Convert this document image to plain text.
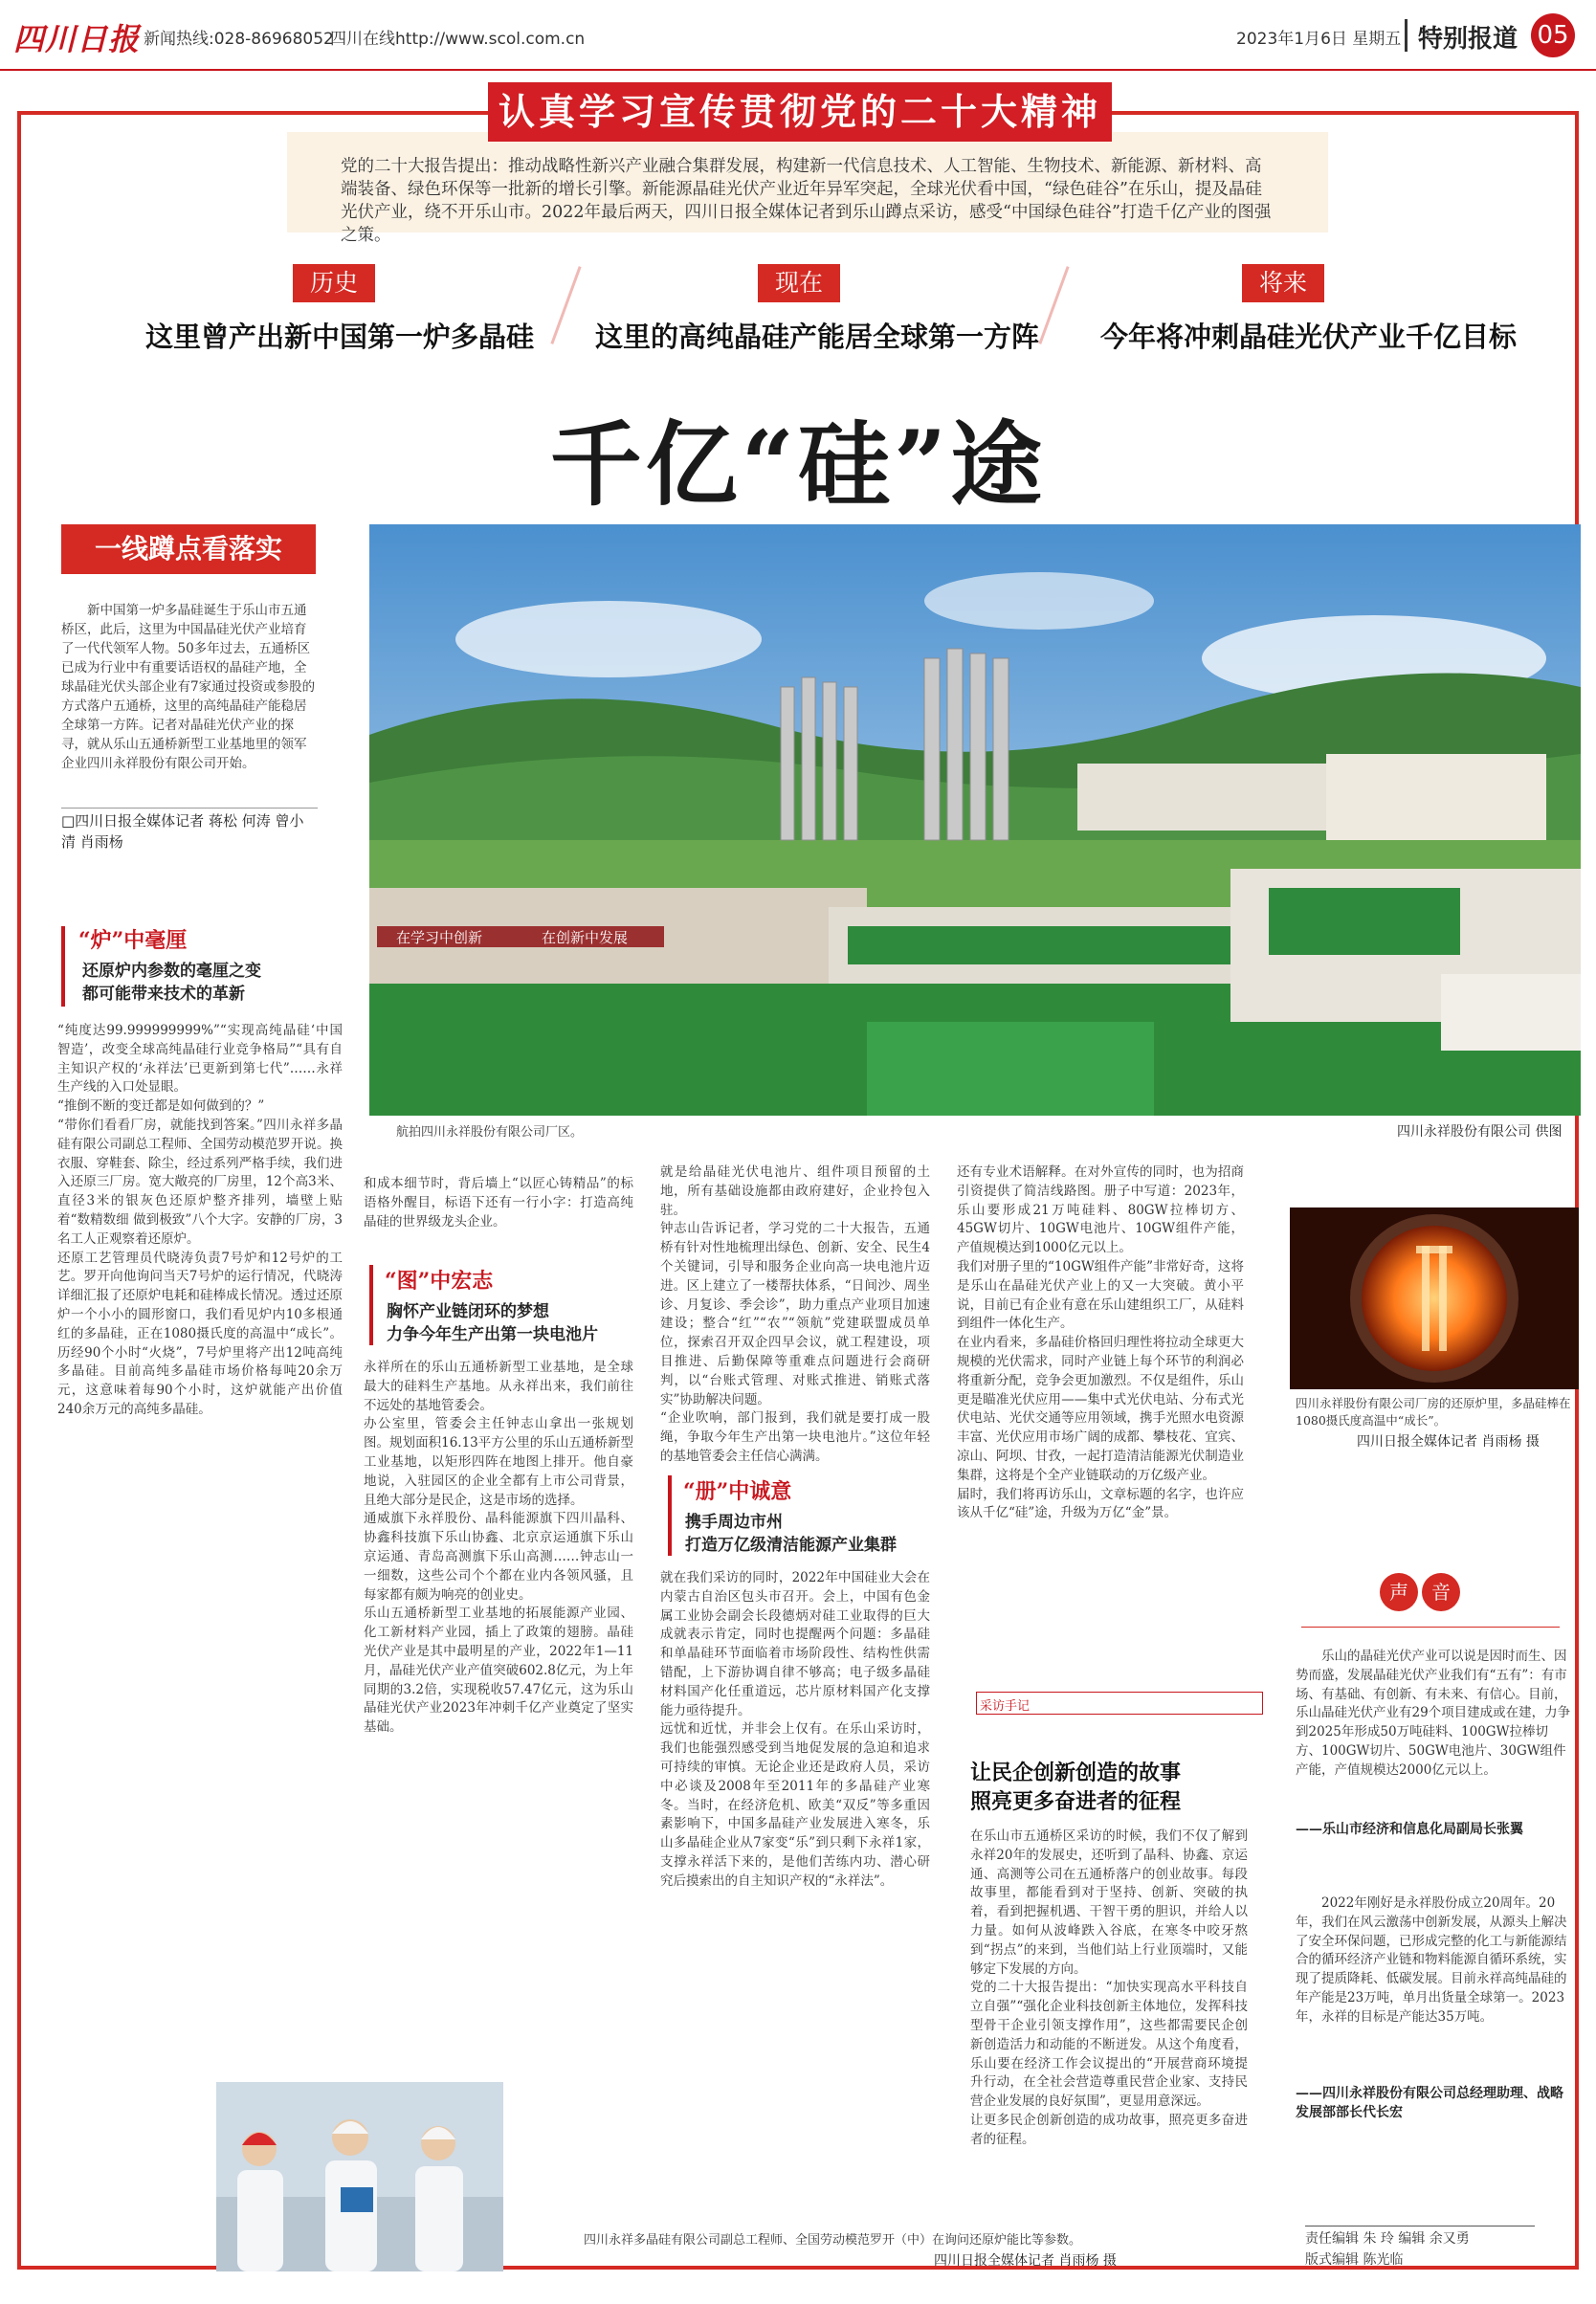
四川日报 新闻热线:028-86968052
四川在线http://www.scol.com.cn	2023年1月6日 星期五 特别报道 05
认真学习宣传贯彻党的二十大精神
党的二十大报告提出：推动战略性新兴产业融合集群发展，构建新一代信息技术、人工智能、生物技术、新能源、新材料、高端装备、绿色环保等一批新的增长引擎。新能源晶硅光伏产业近年异军突起，全球光伏看中国，“绿色硅谷”在乐山，提及晶硅光伏产业，绕不开乐山市。2022年最后两天，四川日报全媒体记者到乐山蹲点采访，感受“中国绿色硅谷”打造千亿产业的图强之策。
历史
这里曾产出新中国第一炉多晶硅
现在
这里的高纯晶硅产能居全球第一方阵
将来
今年将冲刺晶硅光伏产业千亿目标
千亿“硅”途
一线蹲点看落实
新中国第一炉多晶硅诞生于乐山市五通桥区，此后，这里为中国晶硅光伏产业培育了一代代领军人物。50多年过去，五通桥区已成为行业中有重要话语权的晶硅产地，全球晶硅光伏头部企业有7家通过投资或参股的方式落户五通桥，这里的高纯晶硅产能稳居全球第一方阵。记者对晶硅光伏产业的探寻，就从乐山五通桥新型工业基地里的领军企业四川永祥股份有限公司开始。
□四川日报全媒体记者 蒋松 何涛 曾小清 肖雨杨
“炉”中毫厘
还原炉内参数的毫厘之变
都可能带来技术的革新
“纯度达99.999999999%”“实现高纯晶硅‘中国智造’，改变全球高纯晶硅行业竞争格局”“具有自主知识产权的‘永祥法’已更新到第七代”……永祥生产线的入口处显眼。
“推倒不断的变迁都是如何做到的？”
“带你们看看厂房，就能找到答案。”四川永祥多晶硅有限公司副总工程师、全国劳动模范罗开说。换衣服、穿鞋套、除尘，经过系列严格手续，我们进入还原三厂房。宽大敞亮的厂房里，12个高3米、直径3米的银灰色还原炉整齐排列，墙壁上贴着“数精数细 做到极致”八个大字。安静的厂房，3名工人正观察着还原炉。
还原工艺管理员代晓涛负责7号炉和12号炉的工艺。罗开向他询问当天7号炉的运行情况，代晓涛详细汇报了还原炉电耗和硅棒成长情况。透过还原炉一个小小的圆形窗口，我们看见炉内10多根通红的多晶硅，正在1080摄氏度的高温中“成长”。历经90个小时“火烧”，7号炉里将产出12吨高纯多晶硅。目前高纯多晶硅市场价格每吨20余万元，这意味着每90个小时，这炉就能产出价值240余万元的高纯多晶硅。
在学习中创新	在创新中发展
航拍四川永祥股份有限公司厂区。	四川永祥股份有限公司 供图
和成本细节时，背后墙上“以匠心铸精品”的标语格外醒目，标语下还有一行小字：打造高纯晶硅的世界级龙头企业。
“图”中宏志
胸怀产业链闭环的梦想
力争今年生产出第一块电池片
永祥所在的乐山五通桥新型工业基地，是全球最大的硅料生产基地。从永祥出来，我们前往不远处的基地管委会。
办公室里，管委会主任钟志山拿出一张规划图。规划面积16.13平方公里的乐山五通桥新型工业基地，以矩形四阵在地图上排开。他自豪地说，入驻园区的企业全都有上市公司背景，且绝大部分是民企，这是市场的选择。
通威旗下永祥股份、晶科能源旗下四川晶科、协鑫科技旗下乐山协鑫、北京京运通旗下乐山京运通、青岛高测旗下乐山高测……钟志山一一细数，这些公司个个都在业内各领风骚，且每家都有颇为响亮的创业史。
乐山五通桥新型工业基地的拓展能源产业园、化工新材料产业园，插上了政策的翅膀。晶硅光伏产业是其中最明星的产业，2022年1—11月，晶硅光伏产业产值突破602.8亿元，为上年同期的3.2倍，实现税收57.47亿元，这为乐山晶硅光伏产业2023年冲刺千亿产业奠定了坚实基础。
就是给晶硅光伏电池片、组件项目预留的土地，所有基础设施都由政府建好，企业拎包入驻。
钟志山告诉记者，学习党的二十大报告，五通桥有针对性地梳理出绿色、创新、安全、民生4个关键词，引导和服务企业向高一块电池片迈进。区上建立了一楼帮扶体系，“日间沙、周坐诊、月复诊、季会诊”，助力重点产业项目加速建设；整合“红”“农”“领航”党建联盟成员单位，探索召开双企四早会议，就工程建设，项目推进、后勤保障等重难点问题进行会商研判，以“台账式管理、对账式推进、销账式落实”协助解决问题。
“企业吹响，部门报到，我们就是要打成一股绳，争取今年生产出第一块电池片。”这位年轻的基地管委会主任信心满满。
“册”中诚意
携手周边市州
打造万亿级清洁能源产业集群
就在我们采访的同时，2022年中国硅业大会在内蒙古自治区包头市召开。会上，中国有色金属工业协会副会长段德炳对硅工业取得的巨大成就表示肯定，同时也提醒两个问题：多晶硅和单晶硅环节面临着市场阶段性、结构性供需错配，上下游协调自律不够高；电子级多晶硅材料国产化任重道远，芯片原材料国产化支撑能力亟待提升。
远忧和近忧，并非会上仅有。在乐山采访时，我们也能强烈感受到当地促发展的急迫和追求可持续的审慎。无论企业还是政府人员，采访中必谈及2008年至2011年的多晶硅产业寒冬。当时，在经济危机、欧美“双反”等多重因素影响下，中国多晶硅产业发展进入寒冬，乐山多晶硅企业从7家变“乐”到只剩下永祥1家，支撑永祥活下来的，是他们苦练内功、潜心研究后摸索出的自主知识产权的“永祥法”。
还有专业术语解释。在对外宣传的同时，也为招商引资提供了简洁线路图。册子中写道：2023年，乐山要形成21万吨硅料、80GW拉棒切方、45GW切片、10GW电池片、10GW组件产能，产值规模达到1000亿元以上。
我们对册子里的“10GW组件产能”非常好奇，这将是乐山在晶硅光伏产业上的又一大突破。黄小平说，目前已有企业有意在乐山建组织工厂，从硅料到组件一体化生产。
在业内看来，多晶硅价格回归理性将拉动全球更大规模的光伏需求，同时产业链上每个环节的利润必将重新分配，竞争会更加激烈。不仅是组件，乐山更是瞄准光伏应用——集中式光伏电站、分布式光伏电站、光伏交通等应用领域，携手光照水电资源丰富、光伏应用市场广阔的成都、攀枝花、宜宾、凉山、阿坝、甘孜，一起打造清洁能源光伏制造业集群，这将是个全产业链联动的万亿级产业。
届时，我们将再访乐山，文章标题的名字，也许应该从千亿“硅”途，升级为万亿“金”景。
采访手记
让民企创新创造的故事
照亮更多奋进者的征程
在乐山市五通桥区采访的时候，我们不仅了解到永祥20年的发展史，还听到了晶科、协鑫、京运通、高测等公司在五通桥落户的创业故事。每段故事里，都能看到对于坚持、创新、突破的执着，看到把握机遇、干智干勇的胆识，并给人以力量。如何从波峰跌入谷底，在寒冬中咬牙熬到“拐点”的来到，当他们站上行业顶端时，又能够定下发展的方向。
党的二十大报告提出：“加快实现高水平科技自立自强”“强化企业科技创新主体地位，发挥科技型骨干企业引领支撑作用”，这些都需要民企创新创造活力和动能的不断迸发。从这个角度看，乐山要在经济工作会议提出的“开展营商环境提升行动，在全社会营造尊重民营企业家、支持民营企业发展的良好氛围”，更显用意深远。
让更多民企创新创造的成功故事，照亮更多奋进者的征程。
四川永祥股份有限公司厂房的还原炉里，多晶硅棒在1080摄氏度高温中“成长”。
四川日报全媒体记者 肖雨杨 摄
声	音
乐山的晶硅光伏产业可以说是因时而生、因势而盛，发展晶硅光伏产业我们有“五有”：有市场、有基础、有创新、有未来、有信心。目前，乐山晶硅光伏产业有29个项目建成或在建，力争到2025年形成50万吨硅料、100GW拉棒切方、100GW切片、50GW电池片、30GW组件产能，产值规模达2000亿元以上。
——乐山市经济和信息化局副局长张翼
2022年刚好是永祥股份成立20周年。20年，我们在风云激荡中创新发展，从源头上解决了安全环保问题，已形成完整的化工与新能源结合的循环经济产业链和物料能源自循环系统，实现了提质降耗、低碳发展。目前永祥高纯晶硅的年产能是23万吨，单月出货量全球第一。2023年，永祥的目标是产能达35万吨。
——四川永祥股份有限公司总经理助理、战略发展部部长代长宏
四川永祥多晶硅有限公司副总工程师、全国劳动模范罗开（中）在询问还原炉能比等参数。
四川日报全媒体记者 肖雨杨 摄
责任编辑 朱 玲 编辑 余又勇
版式编辑 陈光临
